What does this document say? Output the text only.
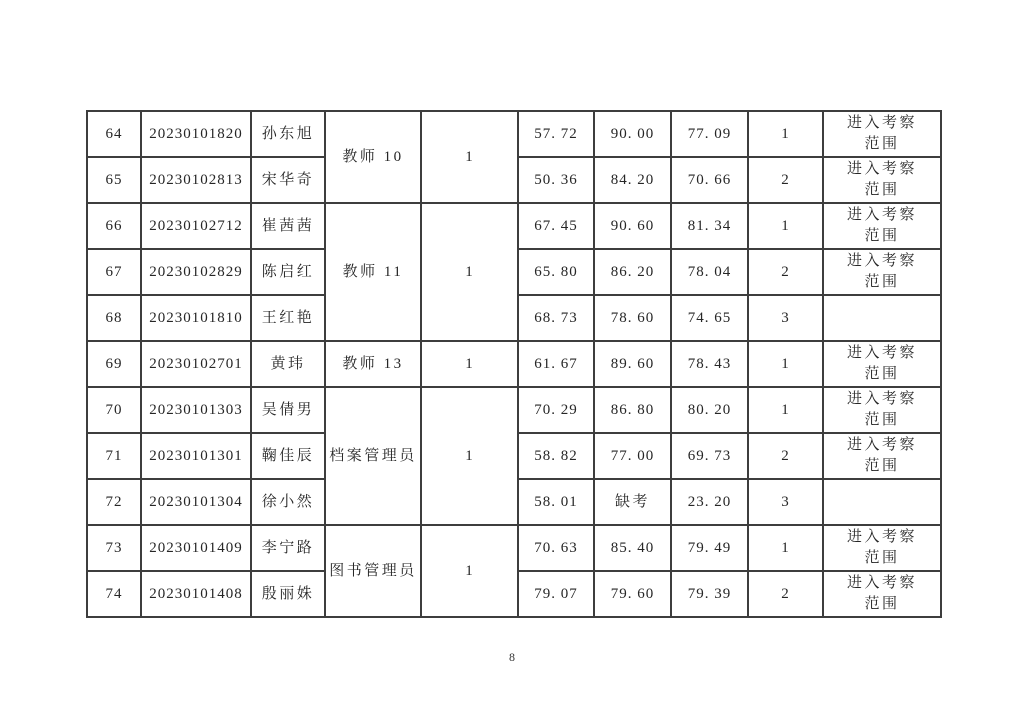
64	20230101820	孙东旭	教师 10	1	57. 72	90. 00	77. 09	1	进入考察范围
65	20230102813	宋华奇			50. 36	84. 20	70. 66	2	进入考察范围
66	20230102712	崔茜茜	教师 11	1	67. 45	90. 60	81. 34	1	进入考察范围
67	20230102829	陈启红			65. 80	86. 20	78. 04	2	进入考察范围
68	20230101810	王红艳			68. 73	78. 60	74. 65	3	
69	20230102701	黄玮	教师 13	1	61. 67	89. 60	78. 43	1	进入考察范围
70	20230101303	吴倩男	档案管理员	1	70. 29	86. 80	80. 20	1	进入考察范围
71	20230101301	鞠佳辰			58. 82	77. 00	69. 73	2	进入考察范围
72	20230101304	徐小然			58. 01	缺考	23. 20	3	
73	20230101409	李宁路	图书管理员	1	70. 63	85. 40	79. 49	1	进入考察范围
74	20230101408	殷丽姝			79. 07	79. 60	79. 39	2	进入考察范围
8
